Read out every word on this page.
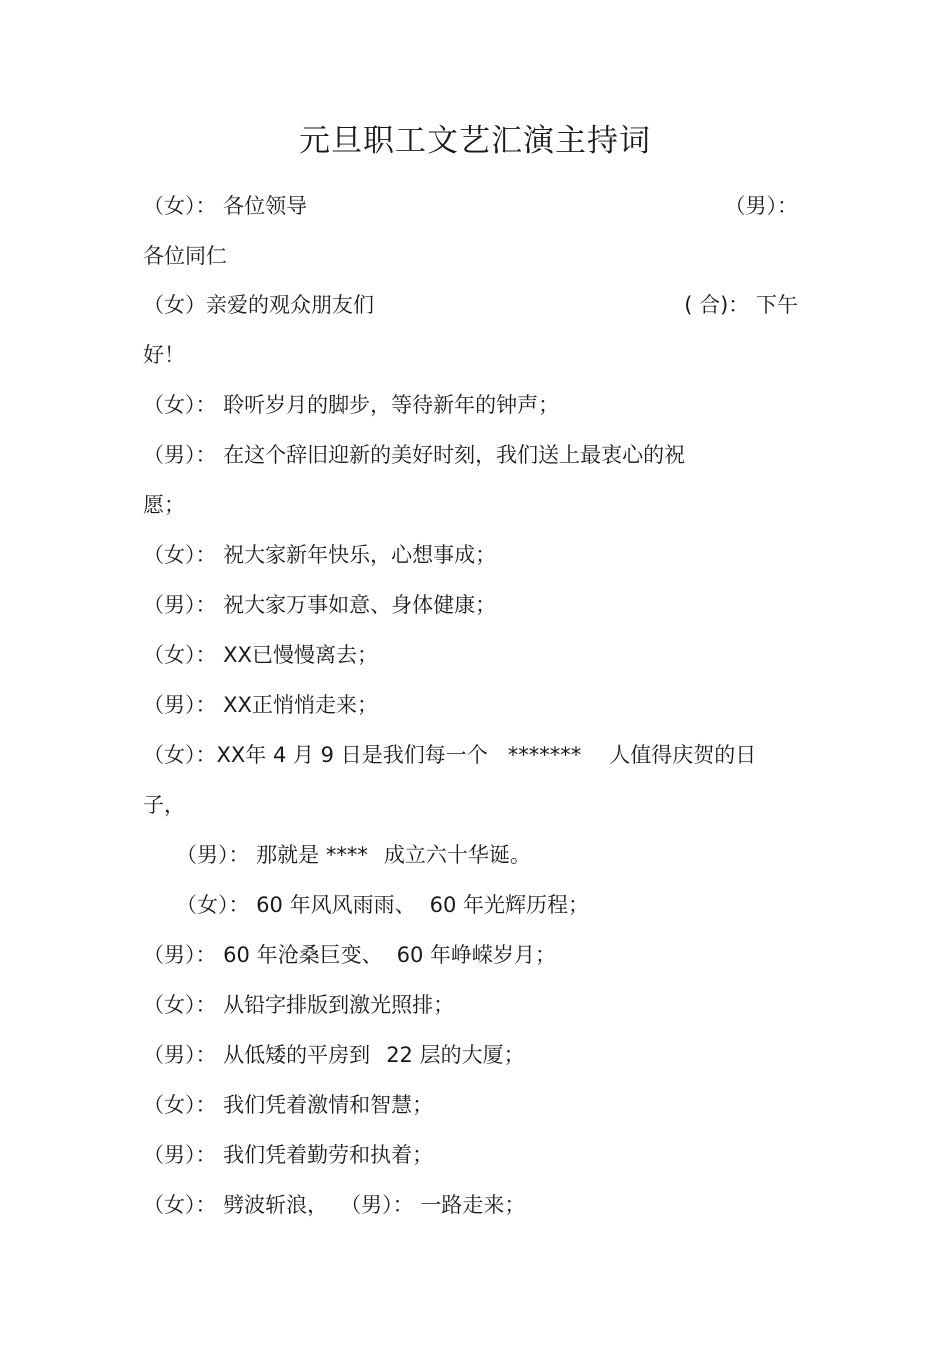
元旦职工文艺汇演主持词
（女）： 各位领导	（男）：
各位同仁
（女）亲爱的观众朋友们	( 合)： 下午
好！
（女）： 聆听岁月的脚步，等待新年的钟声；
（男）： 在这个辞旧迎新的美好时刻，我们送上最衷心的祝
愿；
（女）： 祝大家新年快乐，心想事成；
（男）： 祝大家万事如意、身体健康；
（女）： XX已慢慢离去；
（男）： XX正悄悄走来；
（女）：XX年 4 月 9 日是我们每一个 ******* 人值得庆贺的日
子，
（男）： 那就是 **** 成立六十华诞。
（女）： 60 年风风雨雨、 60 年光辉历程；
（男）： 60 年沧桑巨变、 60 年峥嵘岁月；
（女）： 从铅字排版到激光照排；
（男）： 从低矮的平房到 22 层的大厦；
（女）： 我们凭着激情和智慧；
（男）： 我们凭着勤劳和执着；
（女）： 劈波斩浪， （男）： 一路走来；
